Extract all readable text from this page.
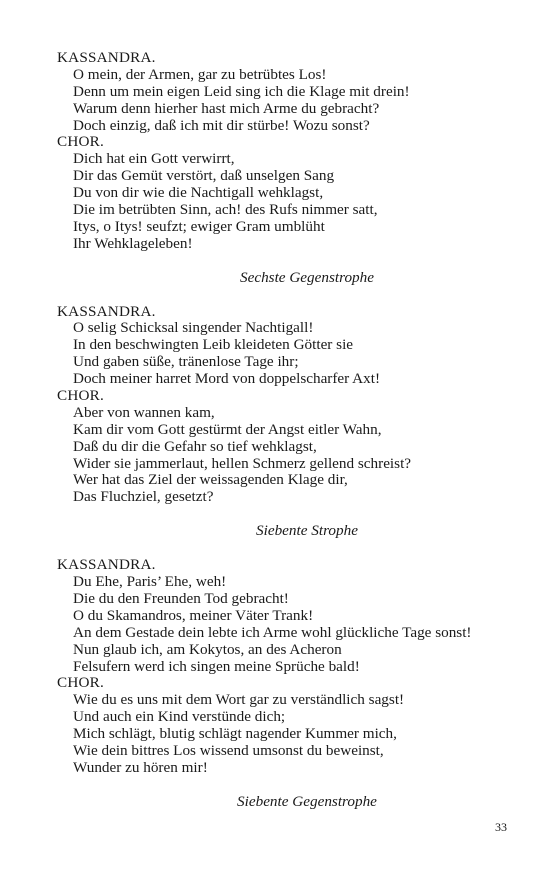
KASSANDRA.
O mein, der Armen, gar zu betrübtes Los!
Denn um mein eigen Leid sing ich die Klage mit drein!
Warum denn hierher hast mich Arme du gebracht?
Doch einzig, daß ich mit dir stürbe! Wozu sonst?
CHOR.
Dich hat ein Gott verwirrt,
Dir das Gemüt verstört, daß unselgen Sang
Du von dir wie die Nachtigall wehklagst,
Die im betrübten Sinn, ach! des Rufs nimmer satt,
Itys, o Itys! seufzt; ewiger Gram umblüht
Ihr Wehklageleben!
Sechste Gegenstrophe
KASSANDRA.
O selig Schicksal singender Nachtigall!
In den beschwingten Leib kleideten Götter sie
Und gaben süße, tränenlose Tage ihr;
Doch meiner harret Mord von doppelscharfer Axt!
CHOR.
Aber von wannen kam,
Kam dir vom Gott gestürmt der Angst eitler Wahn,
Daß du dir die Gefahr so tief wehklagst,
Wider sie jammerlaut, hellen Schmerz gellend schreist?
Wer hat das Ziel der weissagenden Klage dir,
Das Fluchziel, gesetzt?
Siebente Strophe
KASSANDRA.
Du Ehe, Paris’ Ehe, weh!
Die du den Freunden Tod gebracht!
O du Skamandros, meiner Väter Trank!
An dem Gestade dein lebte ich Arme wohl glückliche Tage sonst!
Nun glaub ich, am Kokytos, an des Acheron
Felsufern werd ich singen meine Sprüche bald!
CHOR.
Wie du es uns mit dem Wort gar zu verständlich sagst!
Und auch ein Kind verstünde dich;
Mich schlägt, blutig schlägt nagender Kummer mich,
Wie dein bittres Los wissend umsonst du beweinst,
Wunder zu hören mir!
Siebente Gegenstrophe
33
